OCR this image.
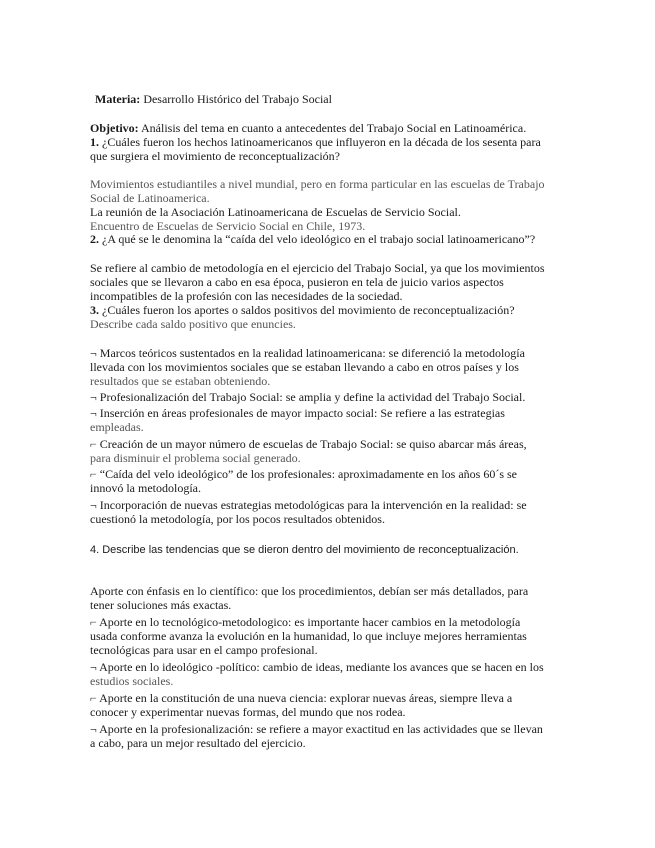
Materia: Desarrollo Histórico del Trabajo Social
Objetivo: Análisis del tema en cuanto a antecedentes del Trabajo Social en Latinoamérica.
1. ¿Cuáles fueron los hechos latinoamericanos que influyeron en la década de los sesenta para
que surgiera el movimiento de reconceptualización?
Movimientos estudiantiles a nivel mundial, pero en forma particular en las escuelas de Trabajo
Social de Latinoamerica.
La reunión de la Asociación Latinoamericana de Escuelas de Servicio Social.
Encuentro de Escuelas de Servicio Social en Chile, 1973.
2. ¿A qué se le denomina la “caída del velo ideológico en el trabajo social latinoamericano”?
Se refiere al cambio de metodología en el ejercicio del Trabajo Social, ya que los movimientos
sociales que se llevaron a cabo en esa época, pusieron en tela de juicio varios aspectos
incompatibles de la profesión con las necesidades de la sociedad.
3. ¿Cuáles fueron los aportes o saldos positivos del movimiento de reconceptualización?
Describe cada saldo positivo que enuncies.
¬ Marcos teóricos sustentados en la realidad latinoamericana: se diferenció la metodología
llevada con los movimientos sociales que se estaban llevando a cabo en otros países y los
resultados que se estaban obteniendo.
¬ Profesionalización del Trabajo Social: se amplia y define la actividad del Trabajo Social.
¬ Inserción en áreas profesionales de mayor impacto social: Se refiere a las estrategias
empleadas.
⌐ Creación de un mayor número de escuelas de Trabajo Social: se quiso abarcar más áreas,
para disminuir el problema social generado.
⌐ “Caída del velo ideológico” de los profesionales: aproximadamente en los años 60´s se
innovó la metodología.
¬ Incorporación de nuevas estrategias metodológicas para la intervención en la realidad: se
cuestionó la metodología, por los pocos resultados obtenidos.
4. Describe las tendencias que se dieron dentro del movimiento de reconceptualización.
Aporte con énfasis en lo científico: que los procedimientos, debían ser más detallados, para
tener soluciones más exactas.
⌐ Aporte en lo tecnológico-metodologico: es importante hacer cambios en la metodología
usada conforme avanza la evolución en la humanidad, lo que incluye mejores herramientas
tecnológicas para usar en el campo profesional.
¬ Aporte en lo ideológico -político: cambio de ideas, mediante los avances que se hacen en los
estudios sociales.
⌐ Aporte en la constitución de una nueva ciencia: explorar nuevas áreas, siempre lleva a
conocer y experimentar nuevas formas, del mundo que nos rodea.
¬ Aporte en la profesionalización: se refiere a mayor exactitud en las actividades que se llevan
a cabo, para un mejor resultado del ejercicio.
